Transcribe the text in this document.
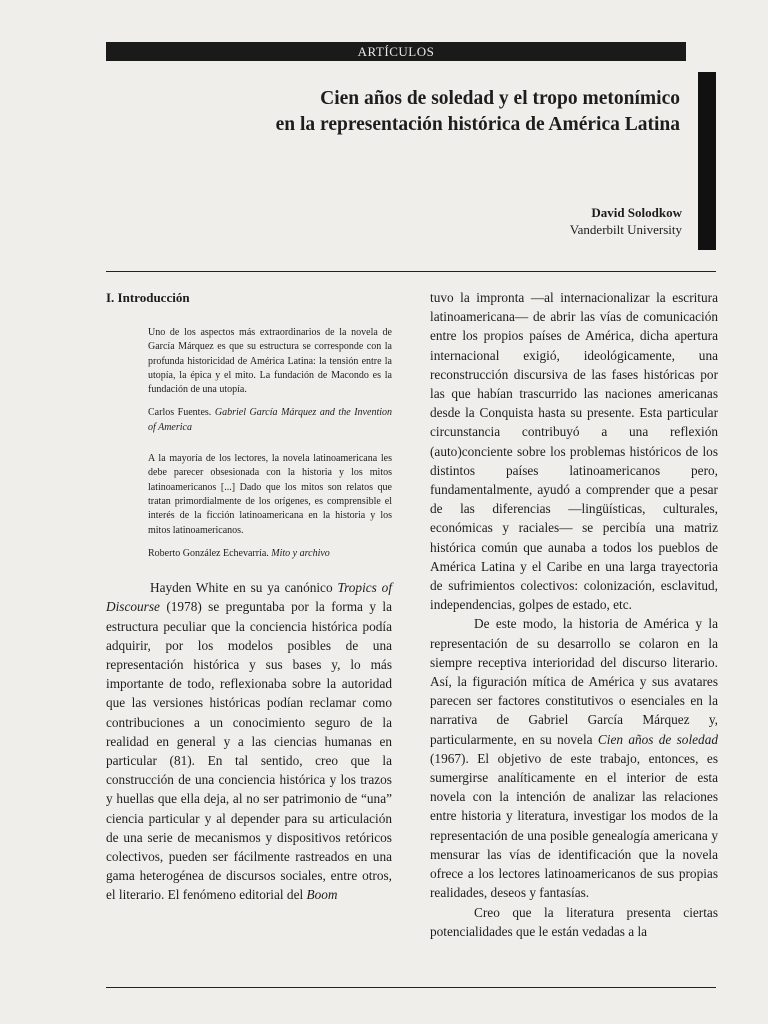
ARTÍCULOS
Cien años de soledad y el tropo metonímico
en la representación histórica de América Latina
David Solodkow
Vanderbilt University
I. Introducción

Uno de los aspectos más extraordinarios de la novela de García Márquez es que su estructura se corresponde con la profunda historicidad de América Latina: la tensión entre la utopía, la épica y el mito. La fundación de Macondo es la fundación de una utopía.

Carlos Fuentes. Gabriel García Márquez and the Invention of America

A la mayoría de los lectores, la novela latinoamericana les debe parecer obsesionada con la historia y los mitos latinoamericanos [...] Dado que los mitos son relatos que tratan primordialmente de los orígenes, es comprensible el interés de la ficción latinoamericana en la historia y los mitos latinoamericanos.

Roberto González Echevarría. Mito y archivo

Hayden White en su ya canónico Tropics of Discourse (1978) se preguntaba por la forma y la estructura peculiar que la conciencia histórica podía adquirir, por los modelos posibles de una representación histórica y sus bases y, lo más importante de todo, reflexionaba sobre la autoridad que las versiones históricas podían reclamar como contribuciones a un conocimiento seguro de la realidad en general y a las ciencias humanas en particular (81). En tal sentido, creo que la construcción de una conciencia histórica y los trazos y huellas que ella deja, al no ser patrimonio de “una” ciencia particular y al depender para su articulación de una serie de mecanismos y dispositivos retóricos colectivos, pueden ser fácilmente rastreados en una gama heterogénea de discursos sociales, entre otros, el literario. El fenómeno editorial del Boom

tuvo la impronta —al internacionalizar la escritura latinoamericana— de abrir las vías de comunicación entre los propios países de América, dicha apertura internacional exigió, ideológicamente, una reconstrucción discursiva de las fases históricas por las que habían trascurrido las naciones americanas desde la Conquista hasta su presente. Esta particular circunstancia contribuyó a una reflexión (auto)conciente sobre los problemas históricos de los distintos países latinoamericanos pero, fundamentalmente, ayudó a comprender que a pesar de las diferencias —lingüísticas, culturales, económicas y raciales— se percibía una matriz histórica común que aunaba a todos los pueblos de América Latina y el Caribe en una larga trayectoria de sufrimientos colectivos: colonización, esclavitud, independencias, golpes de estado, etc.

De este modo, la historia de América y la representación de su desarrollo se colaron en la siempre receptiva interioridad del discurso literario. Así, la figuración mítica de América y sus avatares parecen ser factores constitutivos o esenciales en la narrativa de Gabriel García Márquez y, particularmente, en su novela Cien años de soledad (1967). El objetivo de este trabajo, entonces, es sumergirse analíticamente en el interior de esta novela con la intención de analizar las relaciones entre historia y literatura, investigar los modos de la representación de una posible genealogía americana y mensurar las vías de identificación que la novela ofrece a los lectores latinoamericanos de sus propias realidades, deseos y fantasías.

Creo que la literatura presenta ciertas potencialidades que le están vedadas a la
